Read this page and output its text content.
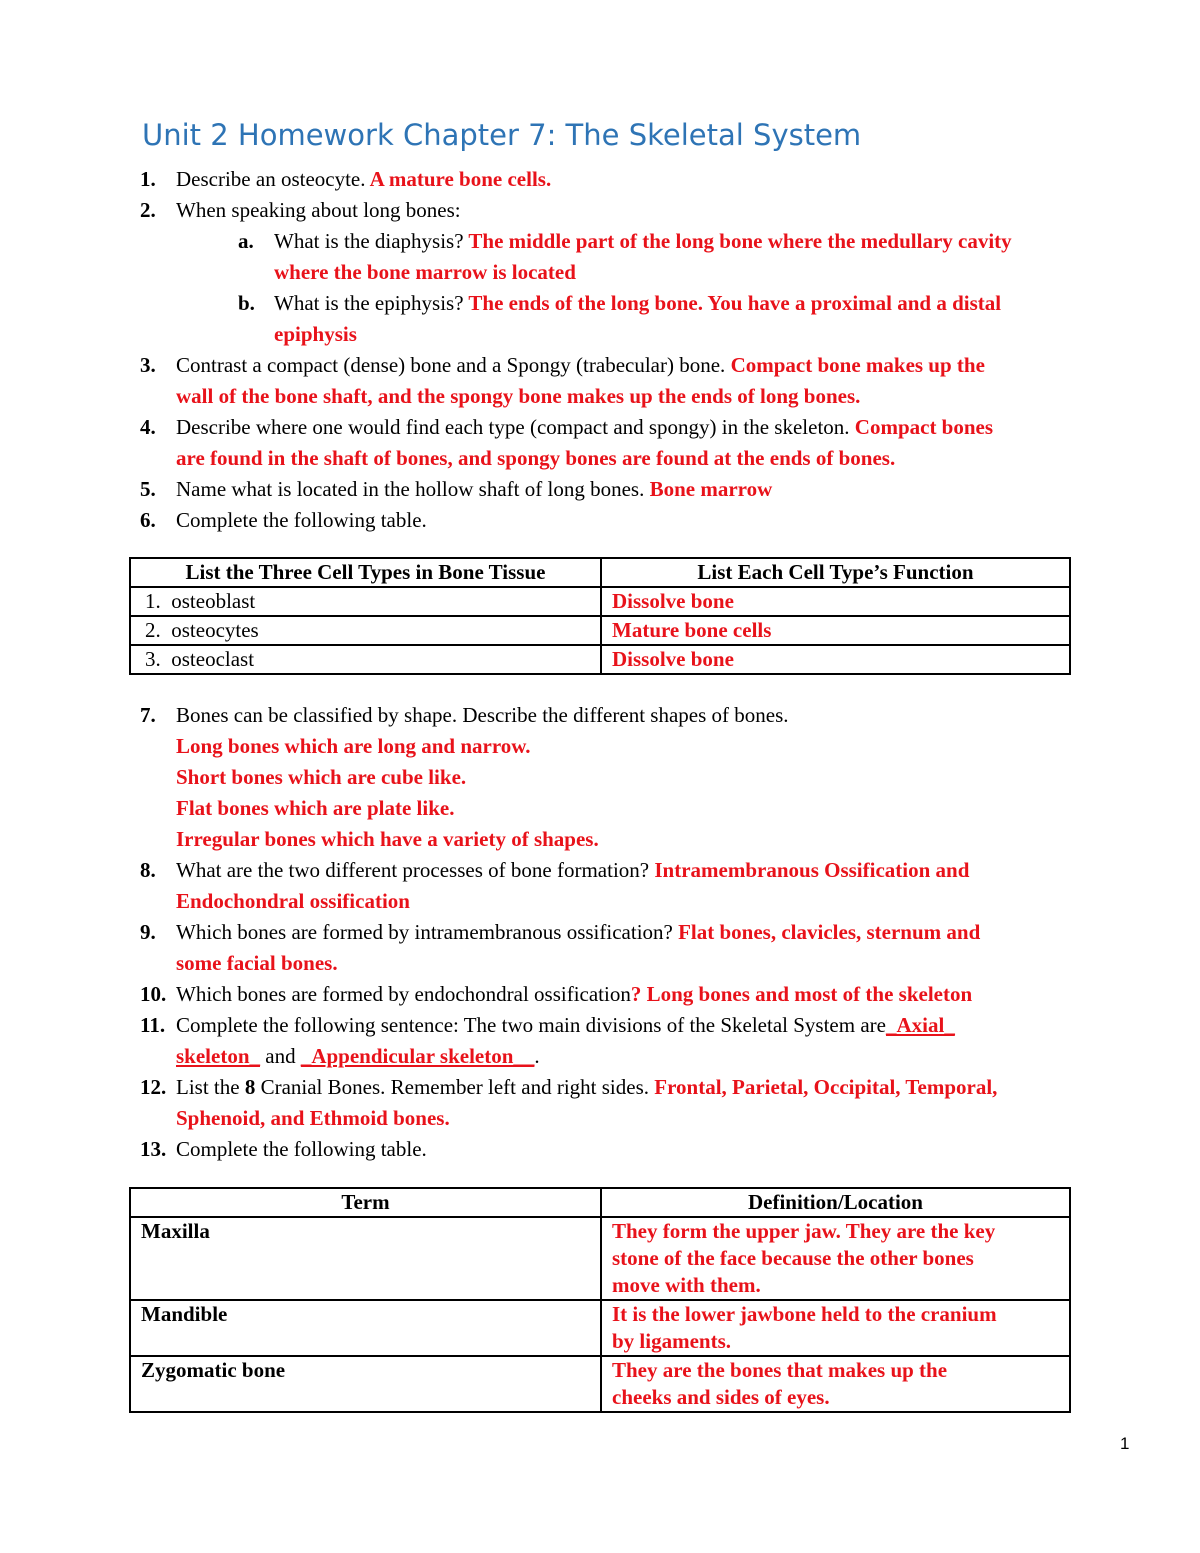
Unit 2 Homework Chapter 7: The Skeletal System
1. Describe an osteocyte. A mature bone cells.
2. When speaking about long bones:
a. What is the diaphysis? The middle part of the long bone where the medullary cavity
where the bone marrow is located
b. What is the epiphysis? The ends of the long bone. You have a proximal and a distal
epiphysis
3. Contrast a compact (dense) bone and a Spongy (trabecular) bone. Compact bone makes up the
wall of the bone shaft, and the spongy bone makes up the ends of long bones.
4. Describe where one would find each type (compact and spongy) in the skeleton. Compact bones
are found in the shaft of bones, and spongy bones are found at the ends of bones.
5. Name what is located in the hollow shaft of long bones. Bone marrow
6. Complete the following table.
List the Three Cell Types in Bone Tissue	List Each Cell Type’s Function
1. osteoblast	Dissolve bone
2. osteocytes	Mature bone cells
3. osteoclast	Dissolve bone
7. Bones can be classified by shape. Describe the different shapes of bones.
Long bones which are long and narrow.
Short bones which are cube like.
Flat bones which are plate like.
Irregular bones which have a variety of shapes.
8. What are the two different processes of bone formation? Intramembranous Ossification and
Endochondral ossification
9. Which bones are formed by intramembranous ossification? Flat bones, clavicles, sternum and
some facial bones.
10. Which bones are formed by endochondral ossification? Long bones and most of the skeleton
11. Complete the following sentence: The two main divisions of the Skeletal System are_Axial_
skeleton_ and _Appendicular skeleton__.
12. List the 8 Cranial Bones. Remember left and right sides. Frontal, Parietal, Occipital, Temporal,
Sphenoid, and Ethmoid bones.
13. Complete the following table.
Term	Definition/Location
Maxilla	They form the upper jaw. They are the key
stone of the face because the other bones
move with them.

Mandible	It is the lower jawbone held to the cranium
by ligaments.

Zygomatic bone	They are the bones that makes up the
cheeks and sides of eyes.
1
